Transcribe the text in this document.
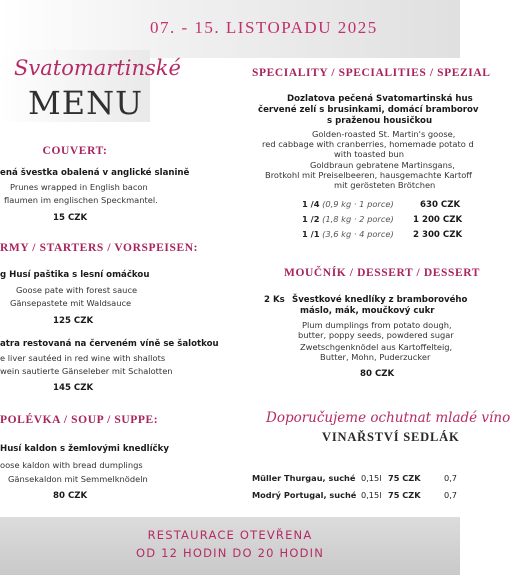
07. - 15. LISTOPADU 2025
Svatomartinské
MENU
COUVERT:
ená švestka obalená v anglické slanině
Prunes wrapped in English bacon
flaumen im englischen Speckmantel.
15 CZK
RMY / STARTERS / VORSPEISEN:
g Husí paštika s lesní omáčkou
Goose pate with forest sauce
Gänsepastete mit Waldsauce
125 CZK
atra restovaná na červeném víně se šalotkou
e liver sautéed in red wine with shallots
wein sautierte Gänseleber mit Schalotten
145 CZK
POLÉVKA / SOUP / SUPPE:
Husí kaldon s žemlovými knedlíčky
oose kaldon with bread dumplings
Gänsekaldon mit Semmelknödeln
80 CZK
SPECIALITY / SPECIALITIES / SPEZIAL
Dozlatova pečená Svatomartinská hus
červené zelí s brusinkami, domácí bramborov
s praženou housičkou
Golden-roasted St. Martin's goose,
red cabbage with cranberries, homemade potato d
with toasted bun
Goldbraun gebratene Martinsgans,
Brotkohl mit Preiselbeeren, hausgemachte Kartoff
mit gerösteten Brötchen
1 /4 (0,9 kg · 1 porce)	630 CZK
1 /2 (1,8 kg · 2 porce) 1 200 CZK
1 /1 (3,6 kg · 4 porce) 2 300 CZK
MOUČNÍK / DESSERT / DESSERT
2 Ks Švestkové knedlíky z bramborového
máslo, mák, moučkový cukr
Plum dumplings from potato dough,
butter, poppy seeds, powdered sugar
Zwetschgenknödel aus Kartoffelteig,
Butter, Mohn, Puderzucker
80 CZK
Doporučujeme ochutnat mladé víno
VINAŘSTVÍ SEDLÁK
Müller Thurgau, suché 0,15l 75 CZK	0,7
Modrý Portugal, suché 0,15l 75 CZK	0,7
RESTAURACE OTEVŘENA
OD 12 HODIN DO 20 HODIN
